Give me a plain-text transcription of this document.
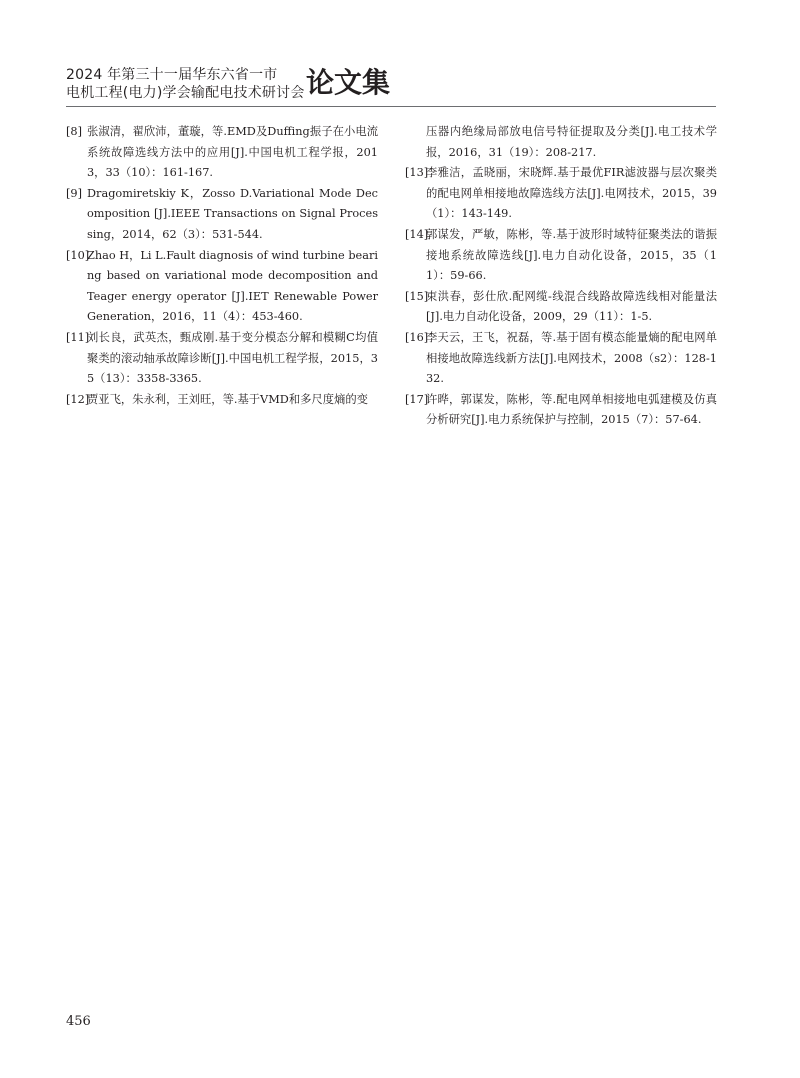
2024 年第三十一届华东六省一市
电机工程(电力)学会输配电技术研讨会 论文集
[8] 张淑清，翟欣沛，董璇，等.EMD及Duffing振子在小电流系统故障选线方法中的应用[J].中国电机工程学报，2013，33（10）：161-167.
[9] Dragomiretskiy K，Zosso D.Variational Mode Decomposition [J].IEEE Transactions on Signal Processing，2014，62（3）：531-544.
[10]
Zhao H，Li L.Fault diagnosis of wind turbine bearing based on variational mode decomposition and Teager energy operator [J].IET Renewable Power Generation，2016，11（4）：453-460.
[11]
刘长良，武英杰，甄成刚.基于变分模态分解和模糊C均值聚类的滚动轴承故障诊断[J].中国电机工程学报，2015，35（13）：3358-3365.
[12]
贾亚飞，朱永利，王刘旺，等.基于VMD和多尺度熵的变
压器内绝缘局部放电信号特征提取及分类[J].电工技术学报，2016，31（19）：208-217.
[13]
李雅洁，孟晓丽，宋晓辉.基于最优FIR滤波器与层次聚类的配电网单相接地故障选线方法[J].电网技术，2015，39（1）：143-149.
[14]
郭谋发，严敏，陈彬，等.基于波形时域特征聚类法的谐振接地系统故障选线[J].电力自动化设备，2015，35（11）：59-66.
[15]
束洪春，彭仕欣.配网缆-线混合线路故障选线相对能量法[J].电力自动化设备，2009，29（11）：1-5.
[16]
李天云，王飞，祝磊，等.基于固有模态能量熵的配电网单相接地故障选线新方法[J].电网技术，2008（s2）：128-132.
[17]
许晔，郭谋发，陈彬，等.配电网单相接地电弧建模及仿真分析研究[J].电力系统保护与控制，2015（7）：57-64.
456
